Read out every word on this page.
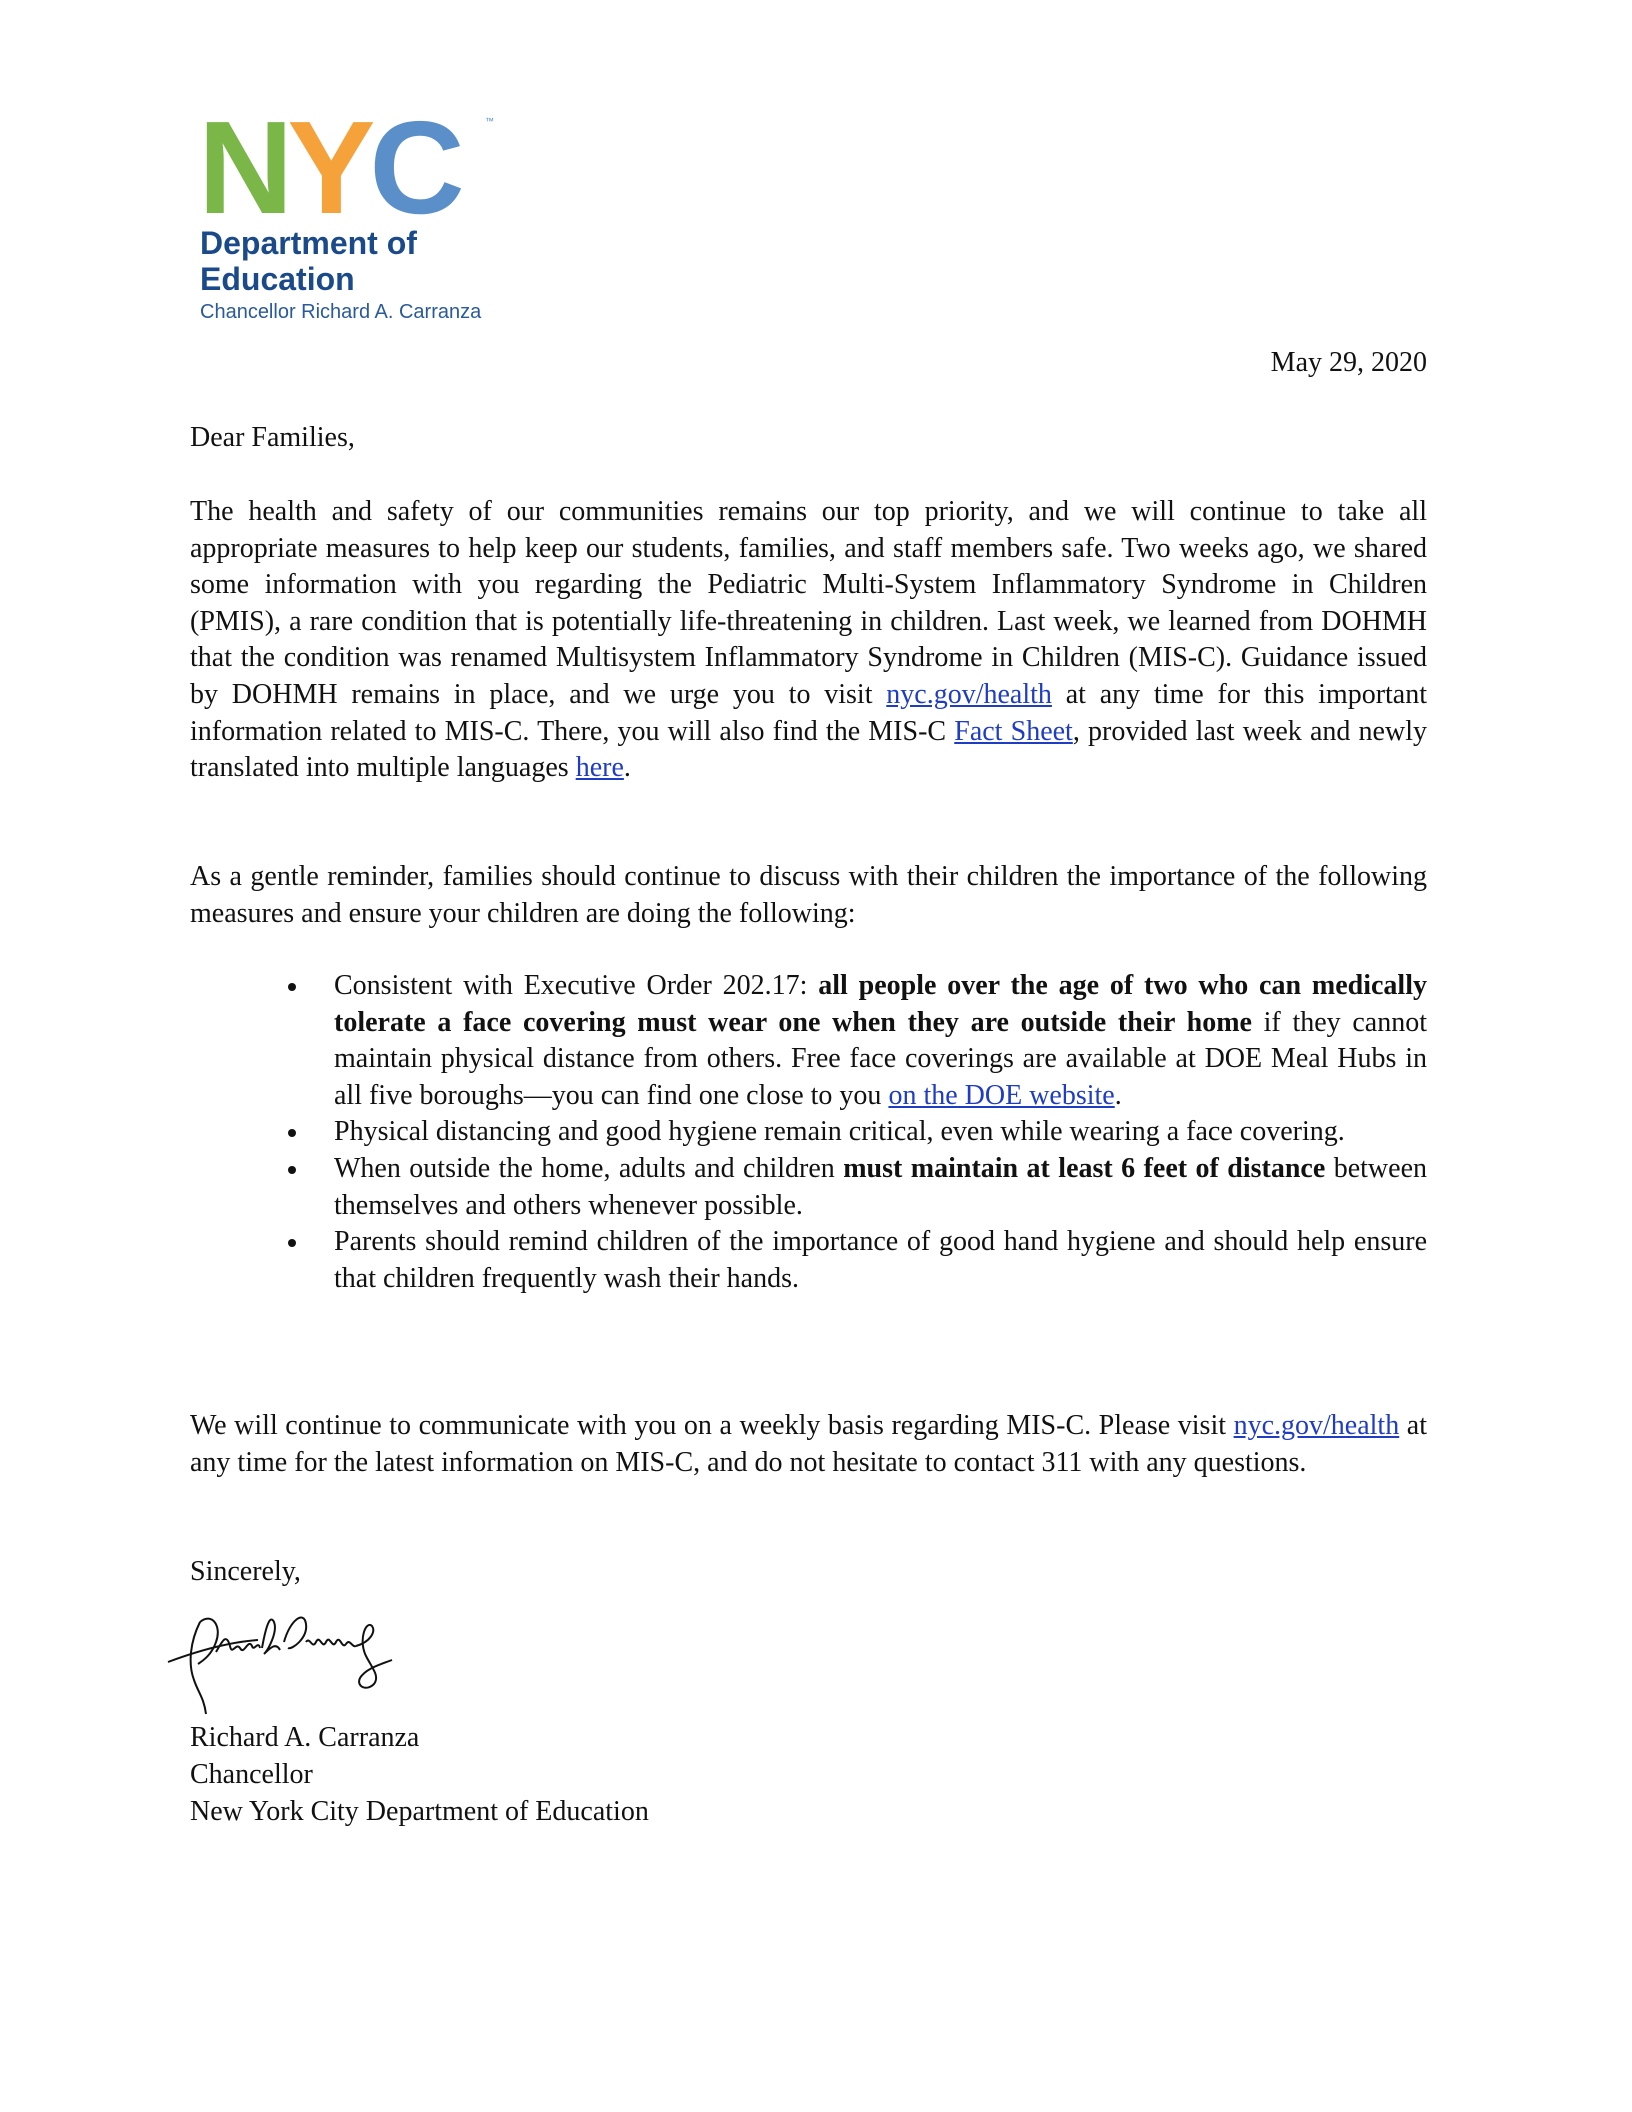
NYC	™
Department of
Education
Chancellor Richard A. Carranza
May 29, 2020
Dear Families,
The health and safety of our communities remains our top priority, and we will continue to take all appropriate measures to help keep our students, families, and staff members safe. Two weeks ago, we shared some information with you regarding the Pediatric Multi-System Inflammatory Syndrome in Children (PMIS), a rare condition that is potentially life-threatening in children. Last week, we learned from DOHMH that the condition was renamed Multisystem Inflammatory Syndrome in Children (MIS-C). Guidance issued by DOHMH remains in place, and we urge you to visit nyc.gov/health at any time for this important information related to MIS-C. There, you will also find the MIS-C Fact Sheet, provided last week and newly translated into multiple languages here.
As a gentle reminder, families should continue to discuss with their children the importance of the following measures and ensure your children are doing the following:
Consistent with Executive Order 202.17: all people over the age of two who can medically tolerate a face covering must wear one when they are outside their home if they cannot maintain physical distance from others. Free face coverings are available at DOE Meal Hubs in all five boroughs—you can find one close to you on the DOE website.
Physical distancing and good hygiene remain critical, even while wearing a face covering.
When outside the home, adults and children must maintain at least 6 feet of distance between themselves and others whenever possible.
Parents should remind children of the importance of good hand hygiene and should help ensure that children frequently wash their hands.
We will continue to communicate with you on a weekly basis regarding MIS-C. Please visit nyc.gov/health at any time for the latest information on MIS-C, and do not hesitate to contact 311 with any questions.
Sincerely,
Richard A. Carranza
Chancellor
New York City Department of Education
